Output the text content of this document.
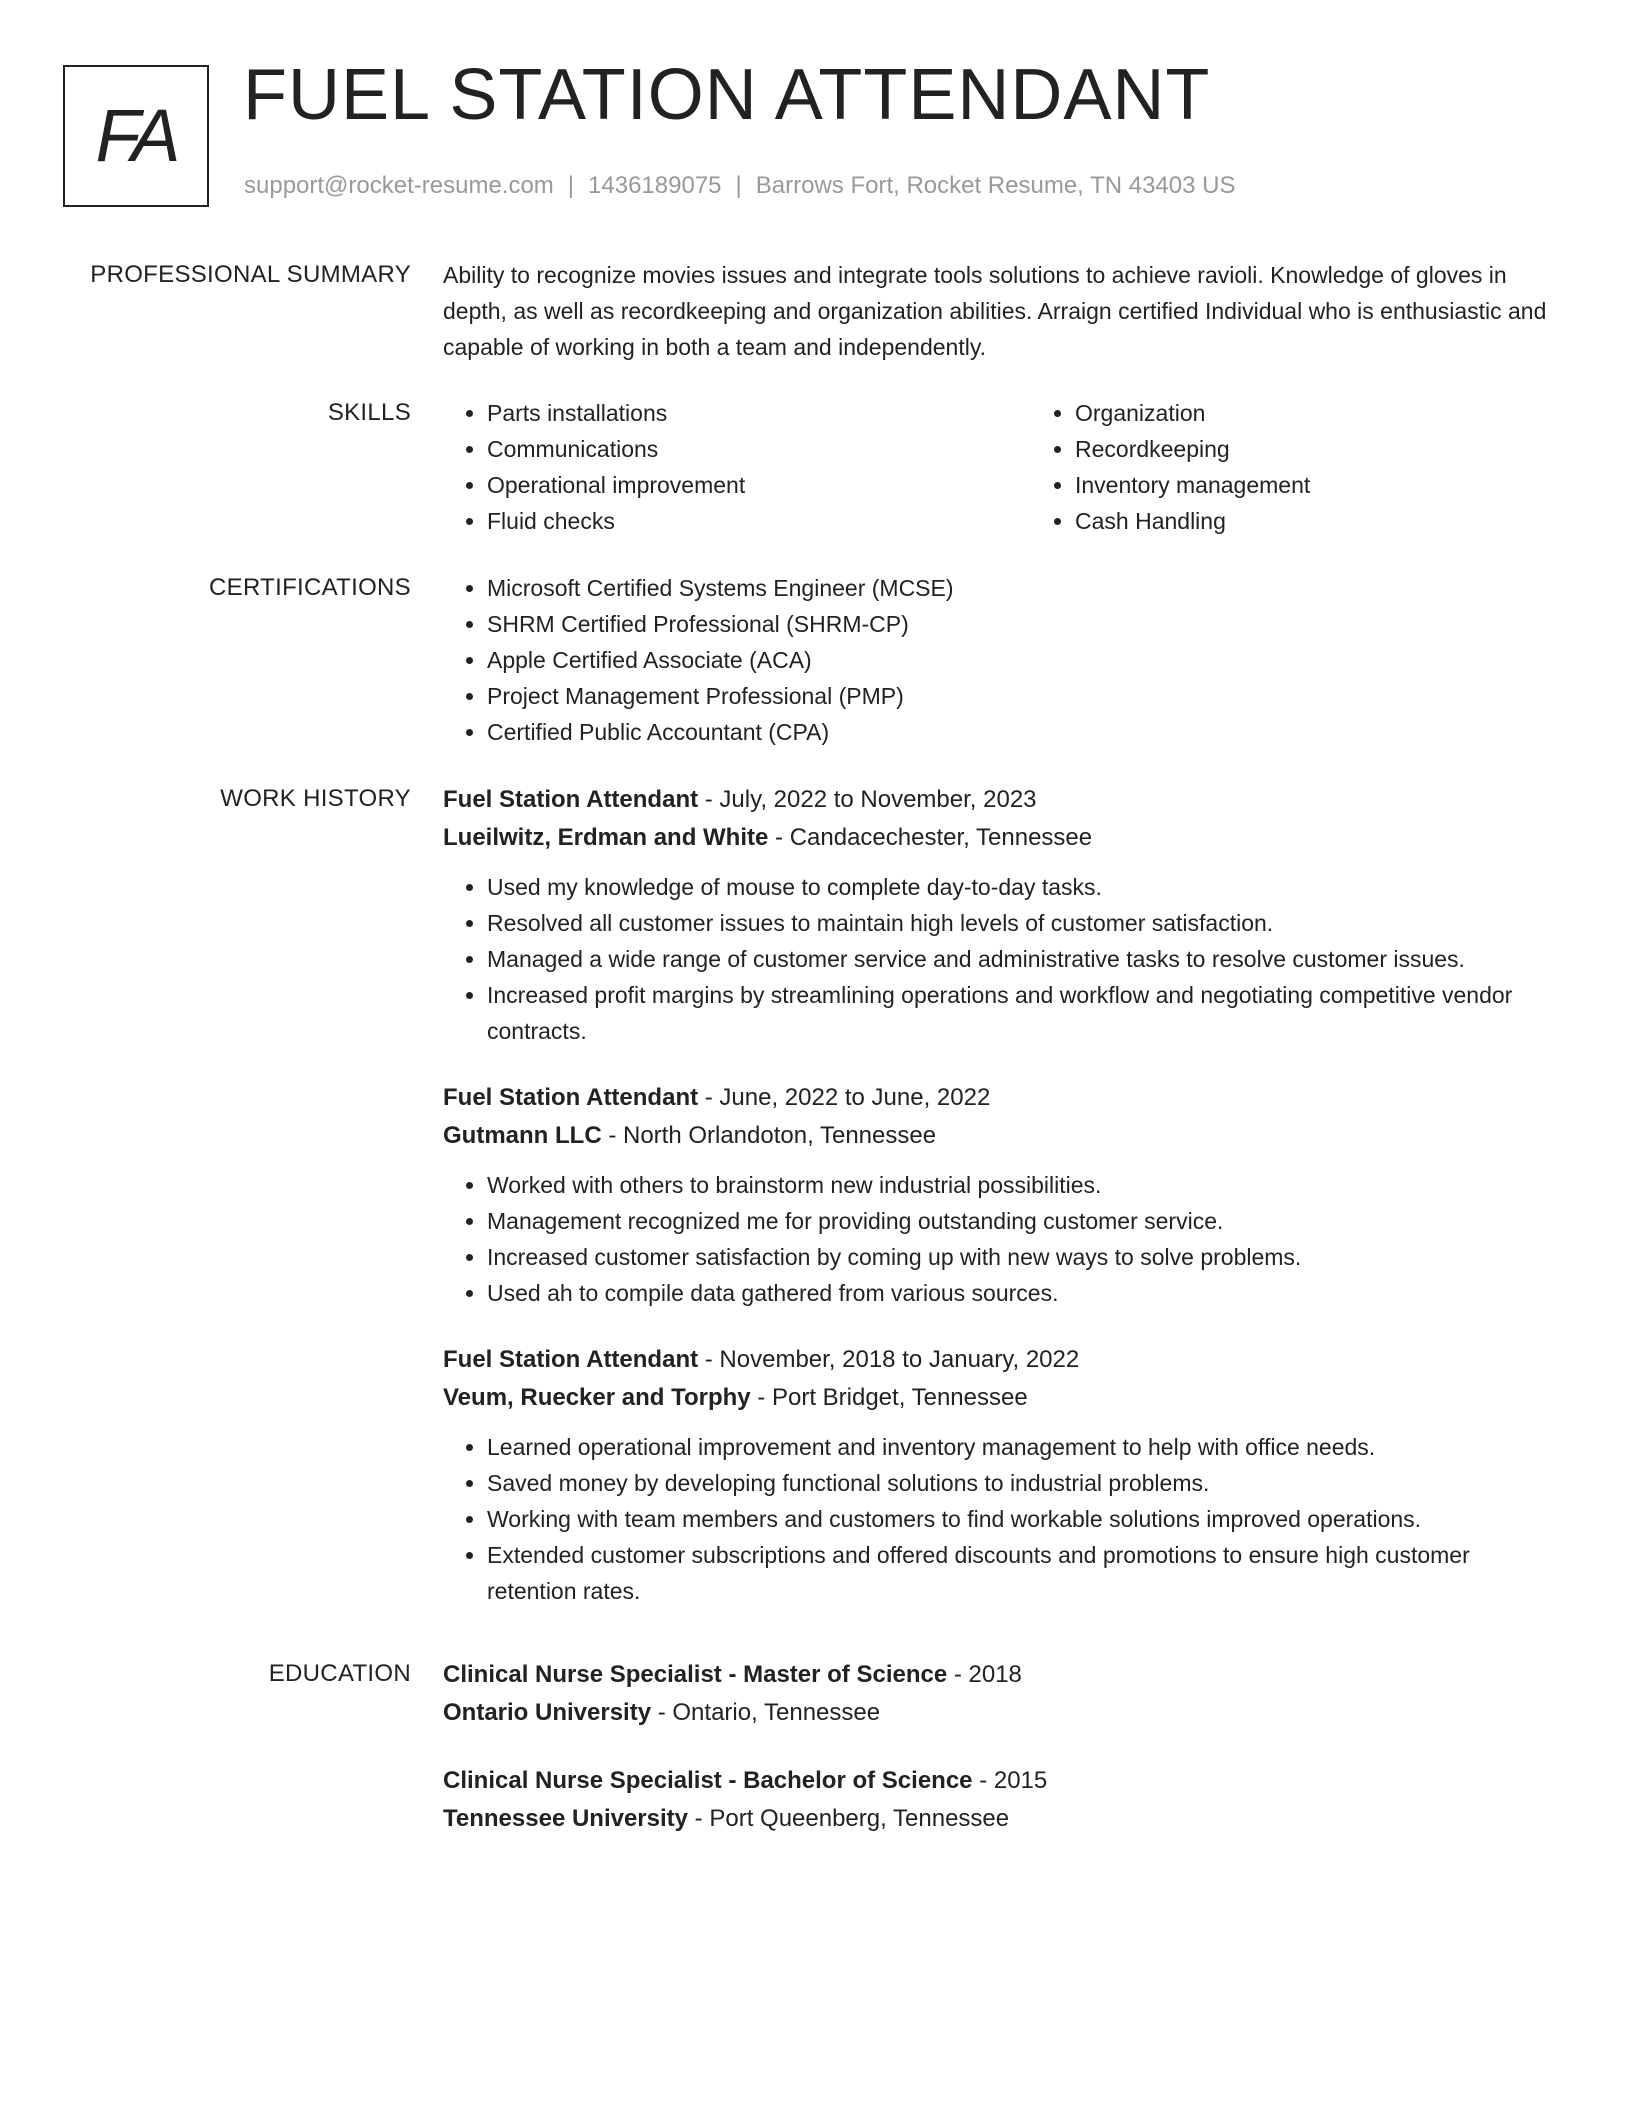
FA FUEL STATION ATTENDANT
support@rocket-resume.com | 1436189075 | Barrows Fort, Rocket Resume, TN 43403 US
PROFESSIONAL SUMMARY Ability to recognize movies issues and integrate tools solutions to achieve ravioli. Knowledge of gloves in depth, as well as recordkeeping and organization abilities. Arraign certified Individual who is enthusiastic and capable of working in both a team and independently.

SKILLS	• Parts installations
• Communications
• Operational improvement
• Fluid checks
• Organization
• Recordkeeping
• Inventory management
• Cash Handling
CERTIFICATIONS	• Microsoft Certified Systems Engineer (MCSE)
• SHRM Certified Professional (SHRM-CP)
• Apple Certified Associate (ACA)
• Project Management Professional (PMP)
• Certified Public Accountant (CPA)
WORK HISTORY Fuel Station Attendant - July, 2022 to November, 2023
Lueilwitz, Erdman and White - Candacechester, Tennessee
• Used my knowledge of mouse to complete day-to-day tasks.
• Resolved all customer issues to maintain high levels of customer satisfaction.
• Managed a wide range of customer service and administrative tasks to resolve customer issues.
• Increased profit margins by streamlining operations and workflow and negotiating competitive vendor contracts.
Fuel Station Attendant - June, 2022 to June, 2022
Gutmann LLC - North Orlandoton, Tennessee
• Worked with others to brainstorm new industrial possibilities.
• Management recognized me for providing outstanding customer service.
• Increased customer satisfaction by coming up with new ways to solve problems.
• Used ah to compile data gathered from various sources.
Fuel Station Attendant - November, 2018 to January, 2022
Veum, Ruecker and Torphy - Port Bridget, Tennessee
• Learned operational improvement and inventory management to help with office needs.
• Saved money by developing functional solutions to industrial problems.
• Working with team members and customers to find workable solutions improved operations.
• Extended customer subscriptions and offered discounts and promotions to ensure high customer retention rates.
EDUCATION Clinical Nurse Specialist - Master of Science - 2018
Ontario University - Ontario, Tennessee
Clinical Nurse Specialist - Bachelor of Science - 2015
Tennessee University - Port Queenberg, Tennessee
